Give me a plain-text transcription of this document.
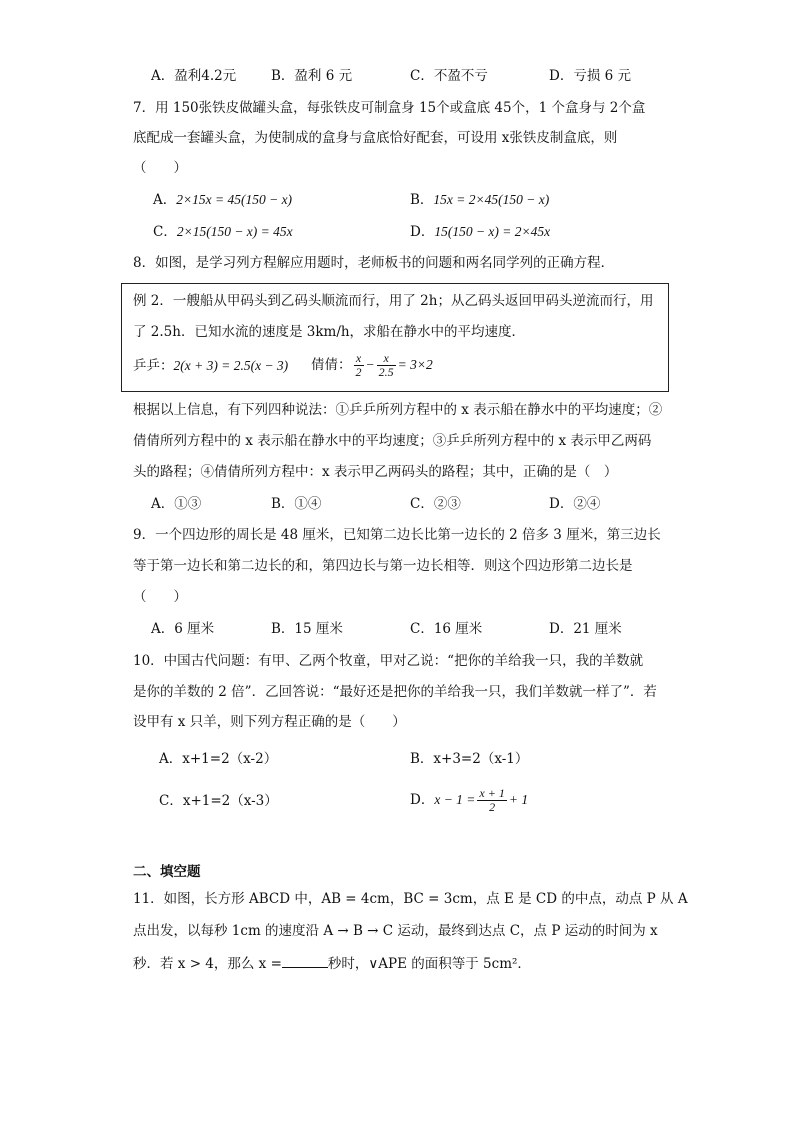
A．盈利4.2元	B．盈利 6 元	C．不盈不亏	D．亏损 6 元
7．用 150张铁皮做罐头盒，每张铁皮可制盒身 15个或盒底 45个，1 个盒身与 2个盒
底配成一套罐头盒，为使制成的盒身与盒底恰好配套，可设用 x张铁皮制盒底，则
（　　）
A．2×15x = 45(150 − x)	B．15x = 2×45(150 − x)
C．2×15(150 − x) = 45x	D．15(150 − x) = 2×45x
8．如图，是学习列方程解应用题时，老师板书的问题和两名同学列的正确方程．
例 2．一艘船从甲码头到乙码头顺流而行，用了 2h；从乙码头返回甲码头逆流而行，用
了 2.5h．已知水流的速度是 3km/h，求船在静水中的平均速度．
乒乒：2(x + 3) = 2.5(x − 3) 倩倩： $\frac{x}{2} - \frac{x}{2.5} = 3\times 2$
根据以上信息，有下列四种说法：①乒乒所列方程中的 x 表示船在静水中的平均速度；②
倩倩所列方程中的 x 表示船在静水中的平均速度；③乒乒所列方程中的 x 表示甲乙两码
头的路程；④倩倩所列方程中：x 表示甲乙两码头的路程；其中，正确的是（　）
A．①③	B．①④	C．②③	D．②④
9．一个四边形的周长是 48 厘米，已知第二边长比第一边长的 2 倍多 3 厘米，第三边长
等于第一边长和第二边长的和，第四边长与第一边长相等．则这个四边形第二边长是
（　　）
A．6 厘米	B．15 厘米	C．16 厘米	D．21 厘米
10．中国古代问题：有甲、乙两个牧童，甲对乙说：“把你的羊给我一只，我的羊数就
是你的羊数的 2 倍”．乙回答说：“最好还是把你的羊给我一只，我们羊数就一样了”．若
设甲有 x 只羊，则下列方程正确的是（　　）
A．x+1=2（x-2）	B．x+3=2（x-1）
C．x+1=2（x-3）	D．$x - 1 = \frac{x + 1}{2} + 1$
二、填空题
11．如图，长方形 ABCD 中，AB = 4cm，BC = 3cm，点 E 是 CD 的中点，动点 P 从 A
点出发，以每秒 1cm 的速度沿 A → B → C 运动，最终到达点 C，点 P 运动的时间为 x
秒．若 x > 4，那么 x =	秒时，∨APE 的面积等于 5cm²．
